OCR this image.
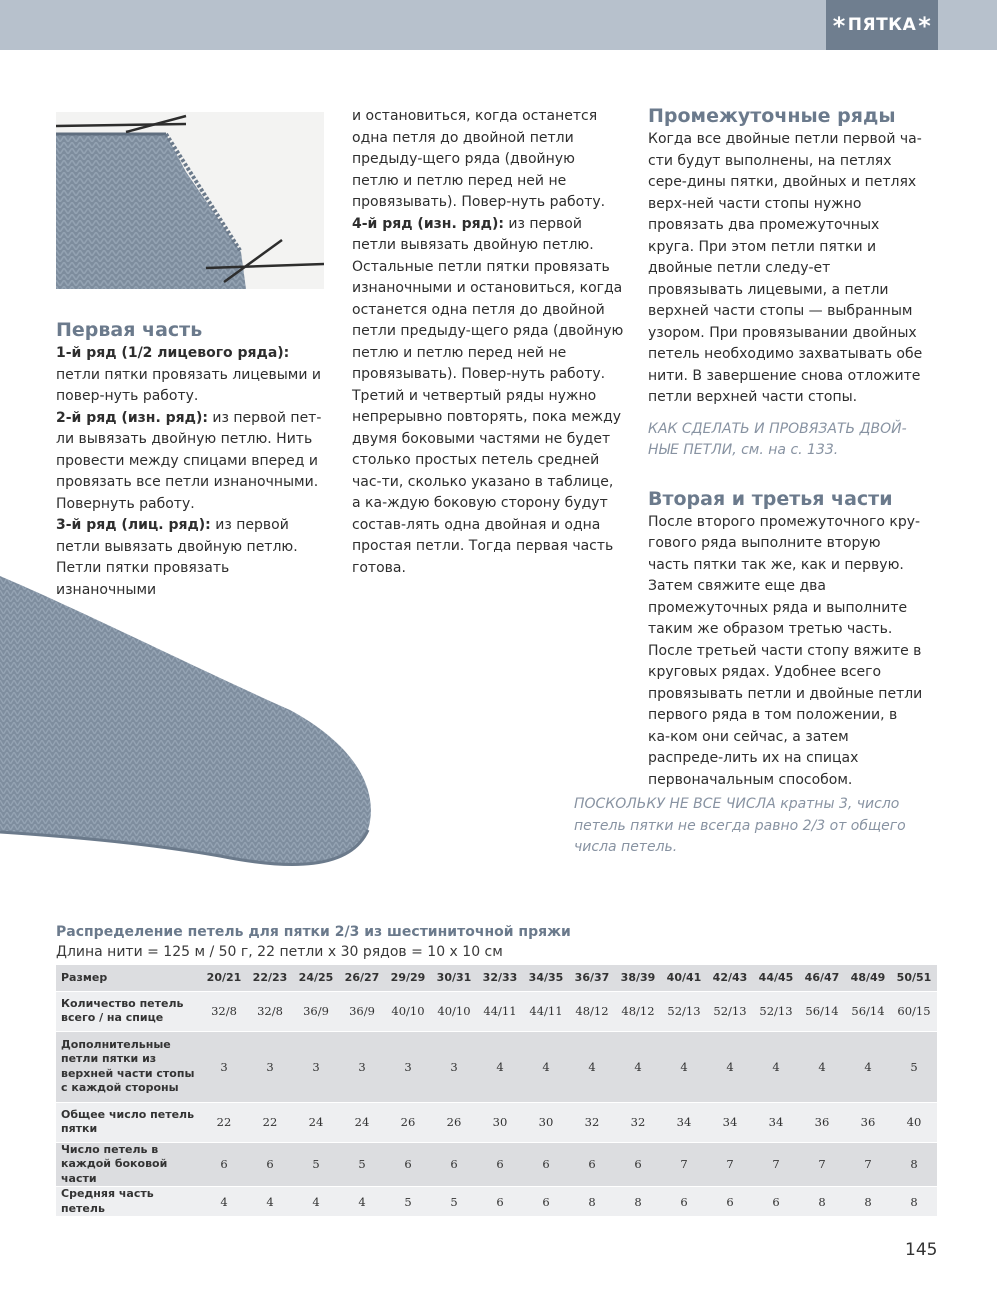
* ПЯТКА *
Первая часть

1-й ряд (1/2 лицевого ряда): петли пятки провязать лицевыми и повер-нуть работу.

2-й ряд (изн. ряд): из первой пет-ли вывязать двойную петлю. Нить провести между спицами вперед и провязать все петли изнаночными. Повернуть работу.

3-й ряд (лиц. ряд): из первой петли вывязать двойную петлю. Петли пятки провязать изнаночными

и остановиться, когда останется одна петля до двойной петли предыду-щего ряда (двойную петлю и петлю перед ней не провязывать). Повер-нуть работу.

4-й ряд (изн. ряд): из первой петли вывязать двойную петлю. Остальные петли пятки провязать изнаночными и остановиться, когда останется одна петля до двойной петли предыду-щего ряда (двойную петлю и петлю перед ней не провязывать). Повер-нуть работу.

Третий и четвертый ряды нужно непрерывно повторять, пока между двумя боковыми частями не будет столько простых петель средней час-ти, сколько указано в таблице, а ка-ждую боковую сторону будут состав-лять одна двойная и одна простая петли. Тогда первая часть готова.

Промежуточные ряды

Когда все двойные петли первой ча-сти будут выполнены, на петлях сере-дины пятки, двойных и петлях верх-ней части стопы нужно провязать два промежуточных круга. При этом петли пятки и двойные петли следу-ет провязывать лицевыми, а петли верхней части стопы — выбранным узором. При провязывании двойных петель необходимо захватывать обе нити. В завершение снова отложите петли верхней части стопы.

КАК СДЕЛАТЬ И ПРОВЯЗАТЬ ДВОЙ-НЫЕ ПЕТЛИ, см. на с. 133.

Вторая и третья части

После второго промежуточного кру-гового ряда выполните вторую часть пятки так же, как и первую. Затем свяжите еще два промежуточных ряда и выполните таким же образом третью часть.

После третьей части стопу вяжите в круговых рядах. Удобнее всего провязывать петли и двойные петли первого ряда в том положении, в ка-ком они сейчас, а затем распреде-лить их на спицах первоначальным способом.

ПОСКОЛЬКУ НЕ ВСЕ ЧИСЛА кратны 3, число петель пятки не всегда равно 2/3 от общего числа петель.

Распределение петель для пятки 2/3 из шестиниточной пряжи
Длина нити = 125 м / 50 г, 22 петли x 30 рядов = 10 x 10 см
Размер	20/21	22/23	24/25	26/27	29/29	30/31	32/33	34/35	36/37	38/39	40/41	42/43	44/45	46/47	48/49	50/51
Количество петель всего / на спице	32/8	32/8	36/9	36/9	40/10	40/10	44/11	44/11	48/12	48/12	52/13	52/13	52/13	56/14	56/14	60/15
Дополнительные петли пятки из верхней части стопы с каждой стороны	3	3	3	3	3	3	4	4	4	4	4	4	4	4	4	5
Общее число петель пятки	22	22	24	24	26	26	30	30	32	32	34	34	34	36	36	40
Число петель в каждой боковой части	6	6	5	5	6	6	6	6	6	6	7	7	7	7	7	8
Средняя часть петель	4	4	4	4	5	5	6	6	8	8	6	6	6	8	8	8
145
